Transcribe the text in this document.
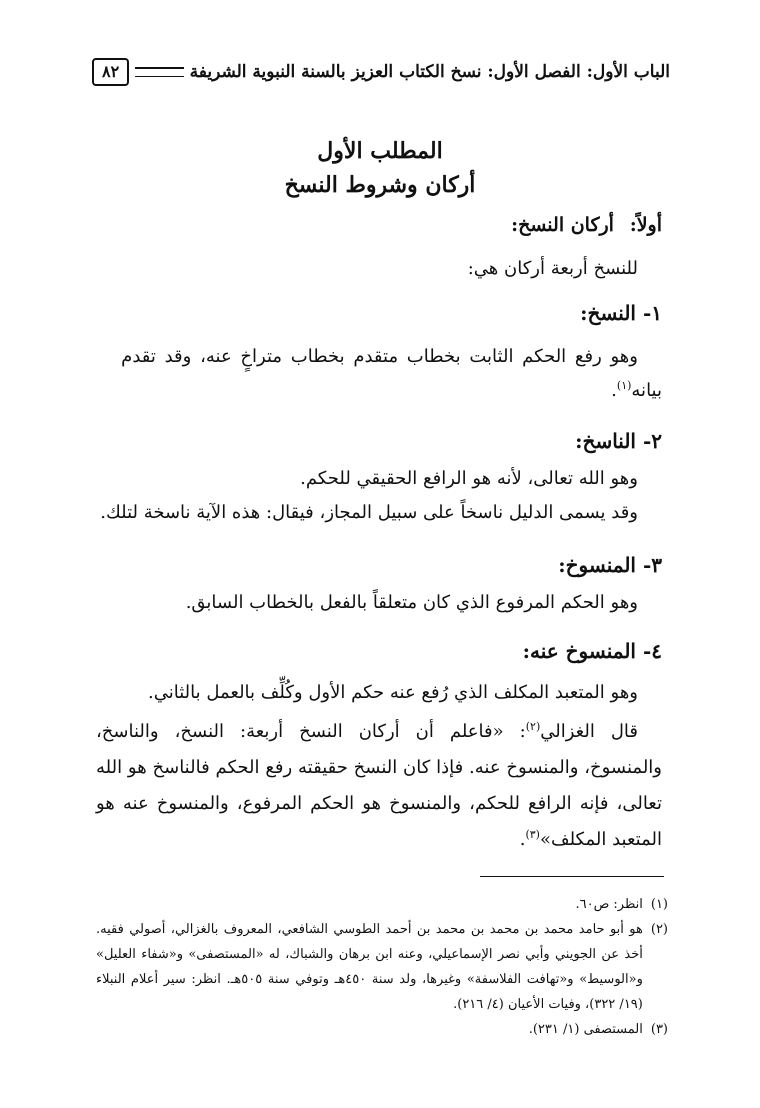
الباب الأول: الفصل الأول: نسخ الكتاب العزيز بالسنة النبوية الشريفة
٨٢
المطلب الأول
أركان وشروط النسخ
أولاً: أركان النسخ:
للنسخ أربعة أركان هي:
١- النسخ:
وهو رفع الحكم الثابت بخطاب متقدم بخطاب متراخٍ عنه، وقد تقدم
بيانه$^{(١)}$.
٢- الناسخ:
وهو الله تعالى، لأنه هو الرافع الحقيقي للحكم.
وقد يسمى الدليل ناسخاً على سبيل المجاز، فيقال: هذه الآية ناسخة لتلك.
٣- المنسوخ:
وهو الحكم المرفوع الذي كان متعلقاً بالفعل بالخطاب السابق.
٤- المنسوخ عنه:
وهو المتعبد المكلف الذي رُفع عنه حكم الأول وكُلِّف بالعمل بالثاني.
قال الغزالي$^{(٢)}$: «فاعلم أن أركان النسخ أربعة: النسخ، والناسخ، والمنسوخ، والمنسوخ عنه. فإذا كان النسخ حقيقته رفع الحكم فالناسخ هو الله تعالى، فإنه الرافع للحكم، والمنسوخ هو الحكم المرفوع، والمنسوخ عنه هو المتعبد المكلف»$^{(٣)}$.
(١)
انظر: ص٦٠.
(٢)
هو أبو حامد محمد بن محمد بن محمد بن أحمد الطوسي الشافعي، المعروف بالغزالي، أصولي فقيه. أخذ عن الجويني وأبي نصر الإسماعيلي، وعنه ابن برهان والشباك، له «المستصفى» و«شفاء العليل» و«الوسيط» و«تهافت الفلاسفة» وغيرها، ولد سنة ٤٥٠هـ وتوفي سنة ٥٠٥هـ. انظر: سير أعلام النبلاء (١٩/ ٣٢٢)، وفيات الأعيان (٤/ ٢١٦).
(٣)
المستصفى (١/ ٢٣١).
